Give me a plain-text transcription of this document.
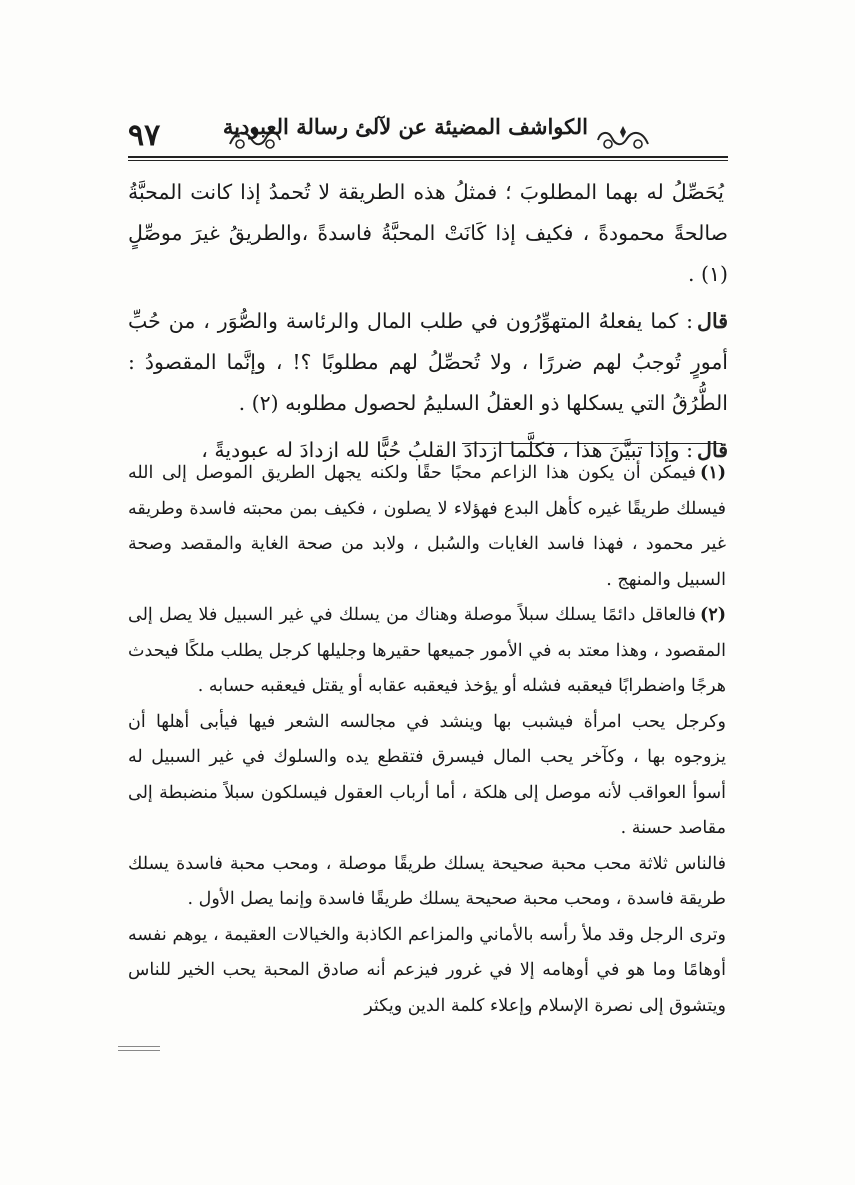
٩٧	الكواشف المضيئة عن لآلئ رسالة العبودية

يُحَصِّلُ له بهما المطلوبَ ؛ فمثلُ هذه الطريقة لا تُحمدُ إذا كانت المحبَّةُ صالحةً محمودةً ، فكيف إذا كَانَتْ المحبَّةُ فاسدةً ،والطريقُ غيرَ موصِّلٍ (١) .

قال: كما يفعلهُ المتهوِّرُون في طلب المال والرئاسة والصُّوَر ، من حُبِّ أمورٍ تُوجبُ لهم ضررًا ، ولا تُحصِّلُ لهم مطلوبًا ؟! ، وإنَّما المقصودُ : الطُّرُقُ التي يسكلها ذو العقلُ السليمُ لحصول مطلوبه (٢) .

قال: وإذا تبيَّنَ هذا ، فكلَّما ازدادَ القلبُ حُبًّا لله ازدادَ له عبوديةً ،

(١)فيمكن أن يكون هذا الزاعم محبًا حقًا ولكنه يجهل الطريق الموصل إلى الله فيسلك طريقًا غيره كأهل البدع فهؤلاء لا يصلون ، فكيف بمن محبته فاسدة وطريقه غير محمود ، فهذا فاسد الغايات والسُبل ، ولابد من صحة الغاية والمقصد وصحة السبيل والمنهج .

(٢)فالعاقل دائمًا يسلك سبلاً موصلة وهناك من يسلك في غير السبيل فلا يصل إلى المقصود ، وهذا معتد به في الأمور جميعها حقيرها وجليلها كرجل يطلب ملكًا فيحدث هرجًا واضطرابًا فيعقبه فشله أو يؤخذ فيعقبه عقابه أو يقتل فيعقبه حسابه .

وكرجل يحب امرأة فيشبب بها وينشد في مجالسه الشعر فيها فيأبى أهلها أن يزوجوه بها ، وكآخر يحب المال فيسرق فتقطع يده والسلوك في غير السبيل له أسوأ العواقب لأنه موصل إلى هلكة ، أما أرباب العقول فيسلكون سبلاً منضبطة إلى مقاصد حسنة .

فالناس ثلاثة محب محبة صحيحة يسلك طريقًا موصلة ، ومحب محبة فاسدة يسلك طريقة فاسدة ، ومحب محبة صحيحة يسلك طريقًا فاسدة وإنما يصل الأول .

وترى الرجل وقد ملأ رأسه بالأماني والمزاعم الكاذبة والخيالات العقيمة ، يوهم نفسه أوهامًا وما هو في أوهامه إلا في غرور فيزعم أنه صادق المحبة يحب الخير للناس ويتشوق إلى نصرة الإسلام وإعلاء كلمة الدين ويكثر
